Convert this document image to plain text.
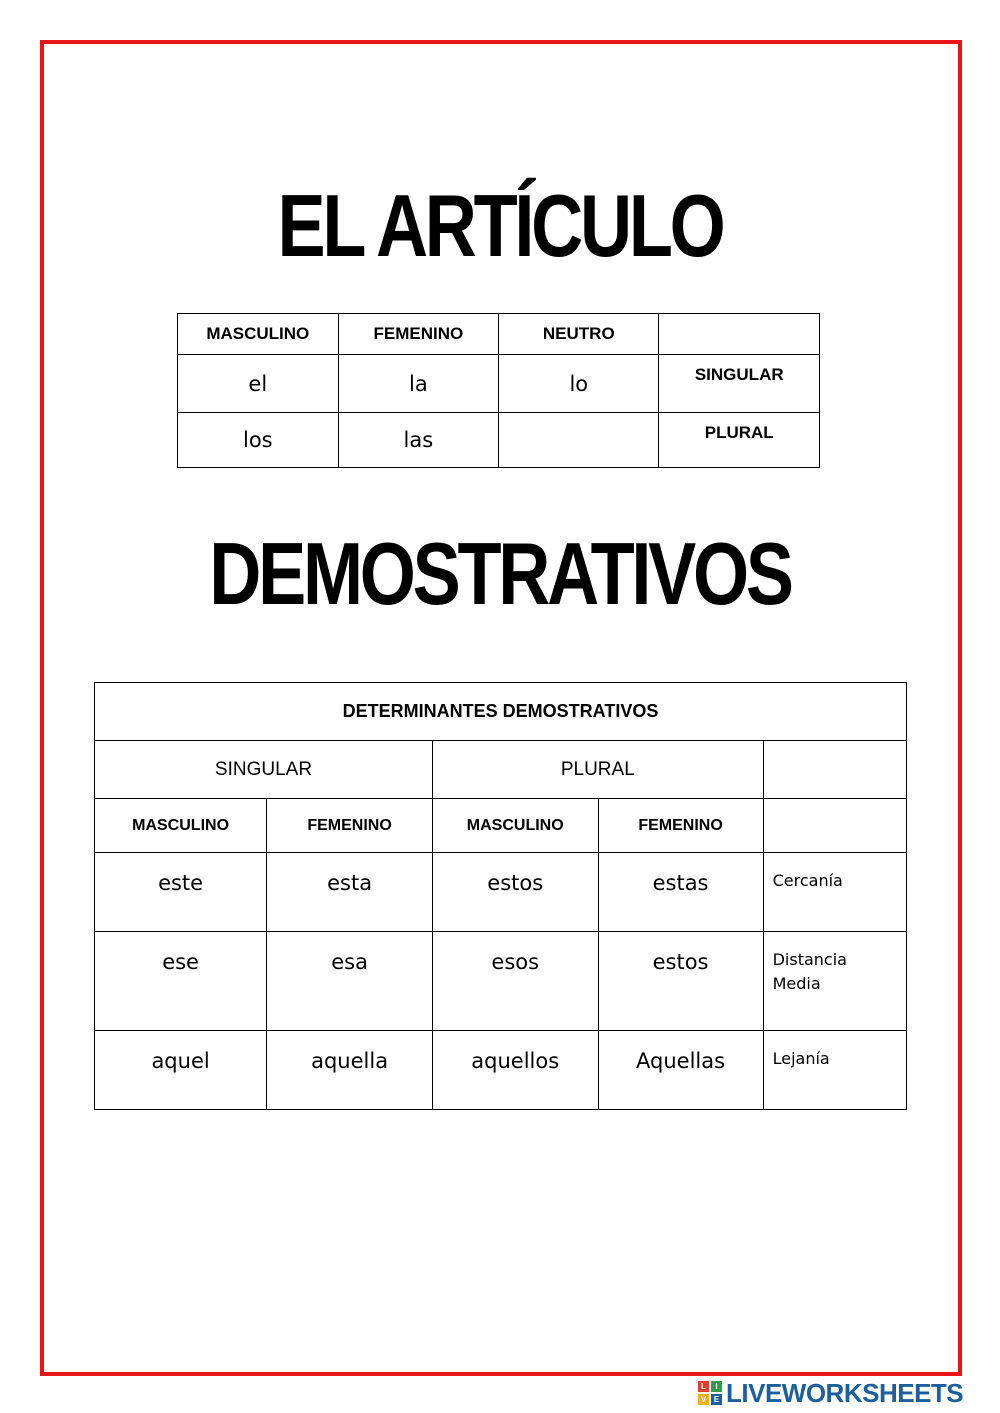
EL ARTÍCULO
MASCULINO	FEMENINO	NEUTRO	
el	la	lo	SINGULAR
los	las		PLURAL
DEMOSTRATIVOS
DETERMINANTES DEMOSTRATIVOS				
SINGULAR		PLURAL		
MASCULINO	FEMENINO	MASCULINO	FEMENINO	
este	esta	estos	estas	Cercanía
ese	esa	esos	estos	Distancia Media
aquel	aquella	aquellos	Aquellas	Lejanía
L	I
V E LIVEWORKSHEETS
